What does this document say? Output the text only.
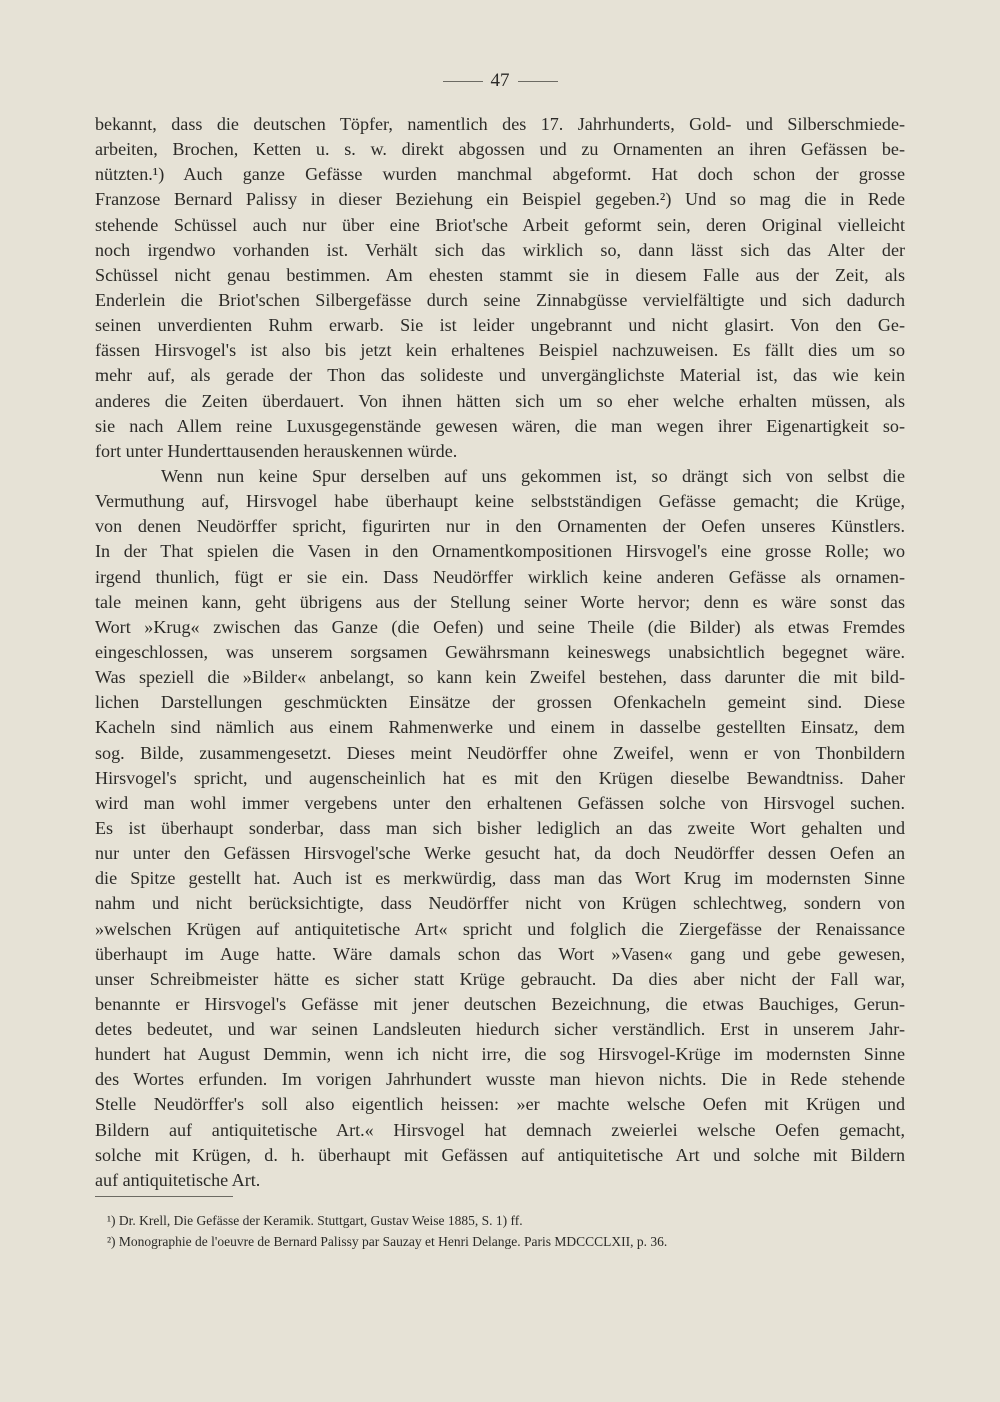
47
bekannt, dass die deutschen Töpfer, namentlich des 17. Jahrhunderts, Gold- und Silberschmiede-
arbeiten, Brochen, Ketten u. s. w. direkt abgossen und zu Ornamenten an ihren Gefässen be-
nützten.¹) Auch ganze Gefässe wurden manchmal abgeformt. Hat doch schon der grosse
Franzose Bernard Palissy in dieser Beziehung ein Beispiel gegeben.²) Und so mag die in Rede
stehende Schüssel auch nur über eine Briot'sche Arbeit geformt sein, deren Original vielleicht
noch irgendwo vorhanden ist. Verhält sich das wirklich so, dann lässt sich das Alter der
Schüssel nicht genau bestimmen. Am ehesten stammt sie in diesem Falle aus der Zeit, als
Enderlein die Briot'schen Silbergefässe durch seine Zinnabgüsse vervielfältigte und sich dadurch
seinen unverdienten Ruhm erwarb. Sie ist leider ungebrannt und nicht glasirt. Von den Ge-
fässen Hirsvogel's ist also bis jetzt kein erhaltenes Beispiel nachzuweisen. Es fällt dies um so
mehr auf, als gerade der Thon das solideste und unvergänglichste Material ist, das wie kein
anderes die Zeiten überdauert. Von ihnen hätten sich um so eher welche erhalten müssen, als
sie nach Allem reine Luxusgegenstände gewesen wären, die man wegen ihrer Eigenartigkeit so-
fort unter Hunderttausenden herauskennen würde.
Wenn nun keine Spur derselben auf uns gekommen ist, so drängt sich von selbst die
Vermuthung auf, Hirsvogel habe überhaupt keine selbstständigen Gefässe gemacht; die Krüge,
von denen Neudörffer spricht, figurirten nur in den Ornamenten der Oefen unseres Künstlers.
In der That spielen die Vasen in den Ornamentkompositionen Hirsvogel's eine grosse Rolle; wo
irgend thunlich, fügt er sie ein. Dass Neudörffer wirklich keine anderen Gefässe als ornamen-
tale meinen kann, geht übrigens aus der Stellung seiner Worte hervor; denn es wäre sonst das
Wort »Krug« zwischen das Ganze (die Oefen) und seine Theile (die Bilder) als etwas Fremdes
eingeschlossen, was unserem sorgsamen Gewährsmann keineswegs unabsichtlich begegnet wäre.
Was speziell die »Bilder« anbelangt, so kann kein Zweifel bestehen, dass darunter die mit bild-
lichen Darstellungen geschmückten Einsätze der grossen Ofenkacheln gemeint sind. Diese
Kacheln sind nämlich aus einem Rahmenwerke und einem in dasselbe gestellten Einsatz, dem
sog. Bilde, zusammengesetzt. Dieses meint Neudörffer ohne Zweifel, wenn er von Thonbildern
Hirsvogel's spricht, und augenscheinlich hat es mit den Krügen dieselbe Bewandtniss. Daher
wird man wohl immer vergebens unter den erhaltenen Gefässen solche von Hirsvogel suchen.
Es ist überhaupt sonderbar, dass man sich bisher lediglich an das zweite Wort gehalten und
nur unter den Gefässen Hirsvogel'sche Werke gesucht hat, da doch Neudörffer dessen Oefen an
die Spitze gestellt hat. Auch ist es merkwürdig, dass man das Wort Krug im modernsten Sinne
nahm und nicht berücksichtigte, dass Neudörffer nicht von Krügen schlechtweg, sondern von
»welschen Krügen auf antiquitetische Art« spricht und folglich die Ziergefässe der Renaissance
überhaupt im Auge hatte. Wäre damals schon das Wort »Vasen« gang und gebe gewesen,
unser Schreibmeister hätte es sicher statt Krüge gebraucht. Da dies aber nicht der Fall war,
benannte er Hirsvogel's Gefässe mit jener deutschen Bezeichnung, die etwas Bauchiges, Gerun-
detes bedeutet, und war seinen Landsleuten hiedurch sicher verständlich. Erst in unserem Jahr-
hundert hat August Demmin, wenn ich nicht irre, die sog Hirsvogel-Krüge im modernsten Sinne
des Wortes erfunden. Im vorigen Jahrhundert wusste man hievon nichts. Die in Rede stehende
Stelle Neudörffer's soll also eigentlich heissen: »er machte welsche Oefen mit Krügen und
Bildern auf antiquitetische Art.« Hirsvogel hat demnach zweierlei welsche Oefen gemacht,
solche mit Krügen, d. h. überhaupt mit Gefässen auf antiquitetische Art und solche mit Bildern
auf antiquitetische Art.
¹) Dr. Krell, Die Gefässe der Keramik. Stuttgart, Gustav Weise 1885, S. 1) ff.
²) Monographie de l'oeuvre de Bernard Palissy par Sauzay et Henri Delange. Paris MDCCCLXII, p. 36.
